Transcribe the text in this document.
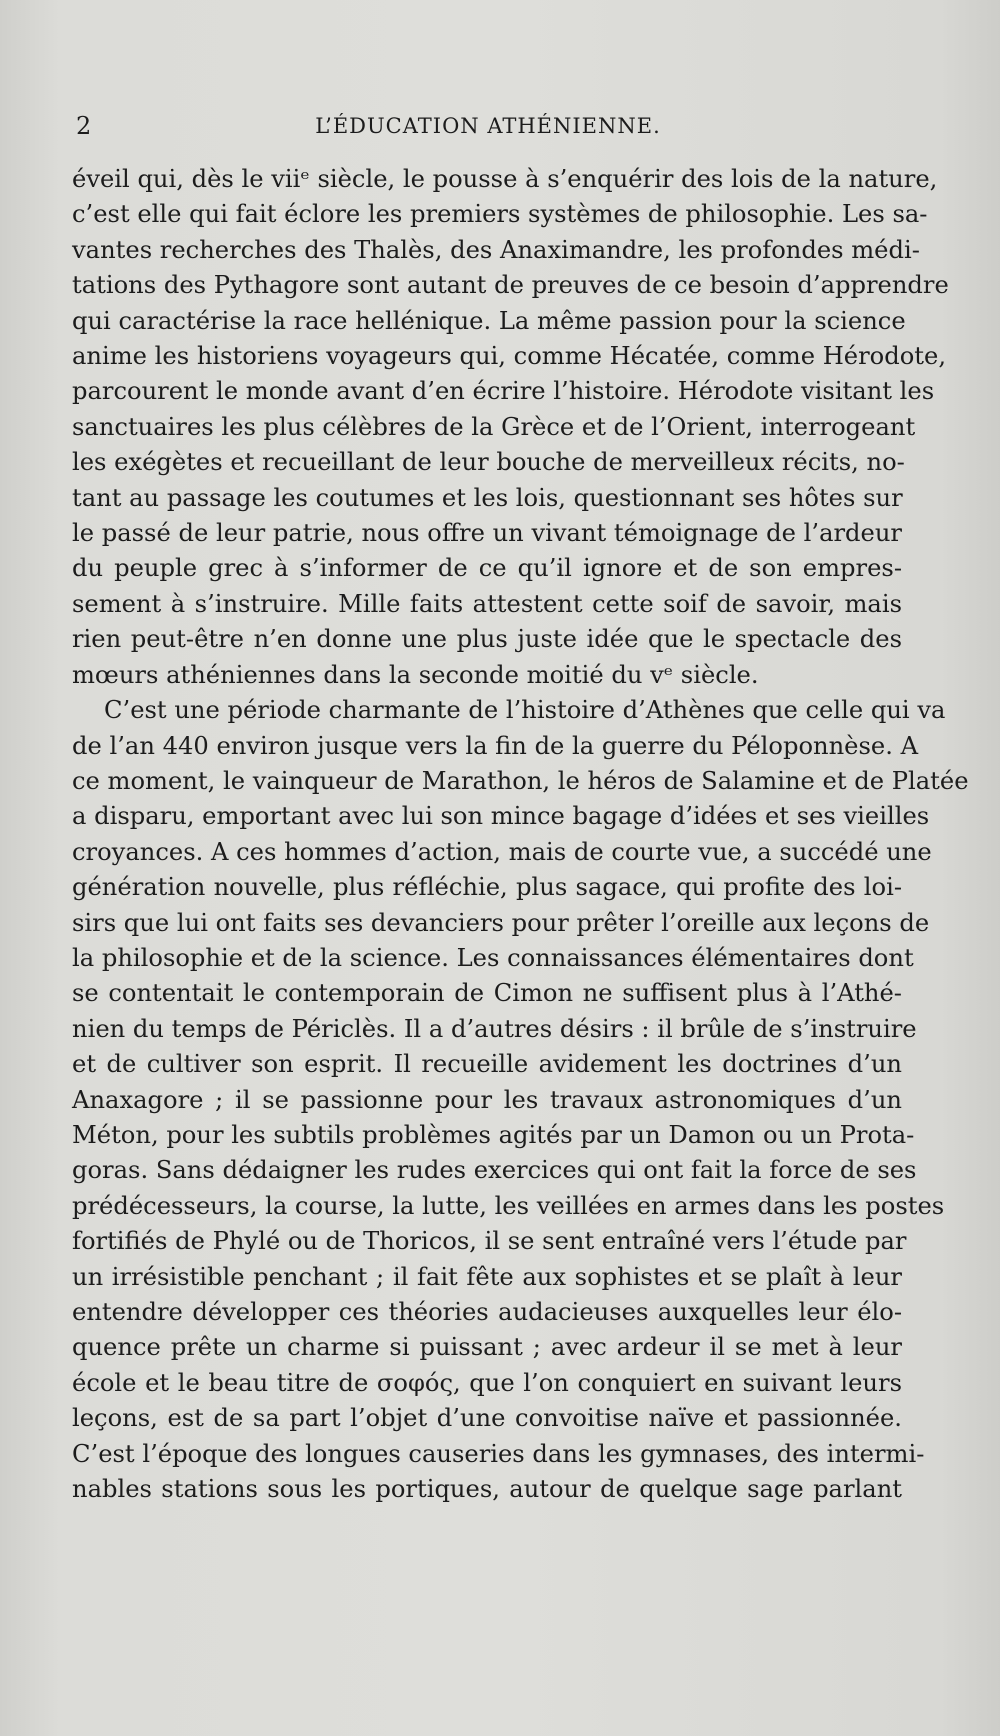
2	L’ÉDUCATION ATHÉNIENNE.
éveil qui, dès le viiᵉ siècle, le pousse à s’enquérir des lois de la nature,
c’est elle qui fait éclore les premiers systèmes de philosophie. Les sa-
vantes recherches des Thalès, des Anaximandre, les profondes médi-
tations des Pythagore sont autant de preuves de ce besoin d’apprendre
qui caractérise la race hellénique. La même passion pour la science
anime les historiens voyageurs qui, comme Hécatée, comme Hérodote,
parcourent le monde avant d’en écrire l’histoire. Hérodote visitant les
sanctuaires les plus célèbres de la Grèce et de l’Orient, interrogeant
les exégètes et recueillant de leur bouche de merveilleux récits, no-
tant au passage les coutumes et les lois, questionnant ses hôtes sur
le passé de leur patrie, nous offre un vivant témoignage de l’ardeur
du peuple grec à s’informer de ce qu’il ignore et de son empres-
sement à s’instruire. Mille faits attestent cette soif de savoir, mais
rien peut-être n’en donne une plus juste idée que le spectacle des
mœurs athéniennes dans la seconde moitié du vᵉ siècle.
C’est une période charmante de l’histoire d’Athènes que celle qui va
de l’an 440 environ jusque vers la fin de la guerre du Péloponnèse. A
ce moment, le vainqueur de Marathon, le héros de Salamine et de Platée
a disparu, emportant avec lui son mince bagage d’idées et ses vieilles
croyances. A ces hommes d’action, mais de courte vue, a succédé une
génération nouvelle, plus réfléchie, plus sagace, qui profite des loi-
sirs que lui ont faits ses devanciers pour prêter l’oreille aux leçons de
la philosophie et de la science. Les connaissances élémentaires dont
se contentait le contemporain de Cimon ne suffisent plus à l’Athé-
nien du temps de Périclès. Il a d’autres désirs : il brûle de s’instruire
et de cultiver son esprit. Il recueille avidement les doctrines d’un
Anaxagore ; il se passionne pour les travaux astronomiques d’un
Méton, pour les subtils problèmes agités par un Damon ou un Prota-
goras. Sans dédaigner les rudes exercices qui ont fait la force de ses
prédécesseurs, la course, la lutte, les veillées en armes dans les postes
fortifiés de Phylé ou de Thoricos, il se sent entraîné vers l’étude par
un irrésistible penchant ; il fait fête aux sophistes et se plaît à leur
entendre développer ces théories audacieuses auxquelles leur élo-
quence prête un charme si puissant ; avec ardeur il se met à leur
école et le beau titre de σοφός, que l’on conquiert en suivant leurs
leçons, est de sa part l’objet d’une convoitise naïve et passionnée.
C’est l’époque des longues causeries dans les gymnases, des intermi-
nables stations sous les portiques, autour de quelque sage parlant
